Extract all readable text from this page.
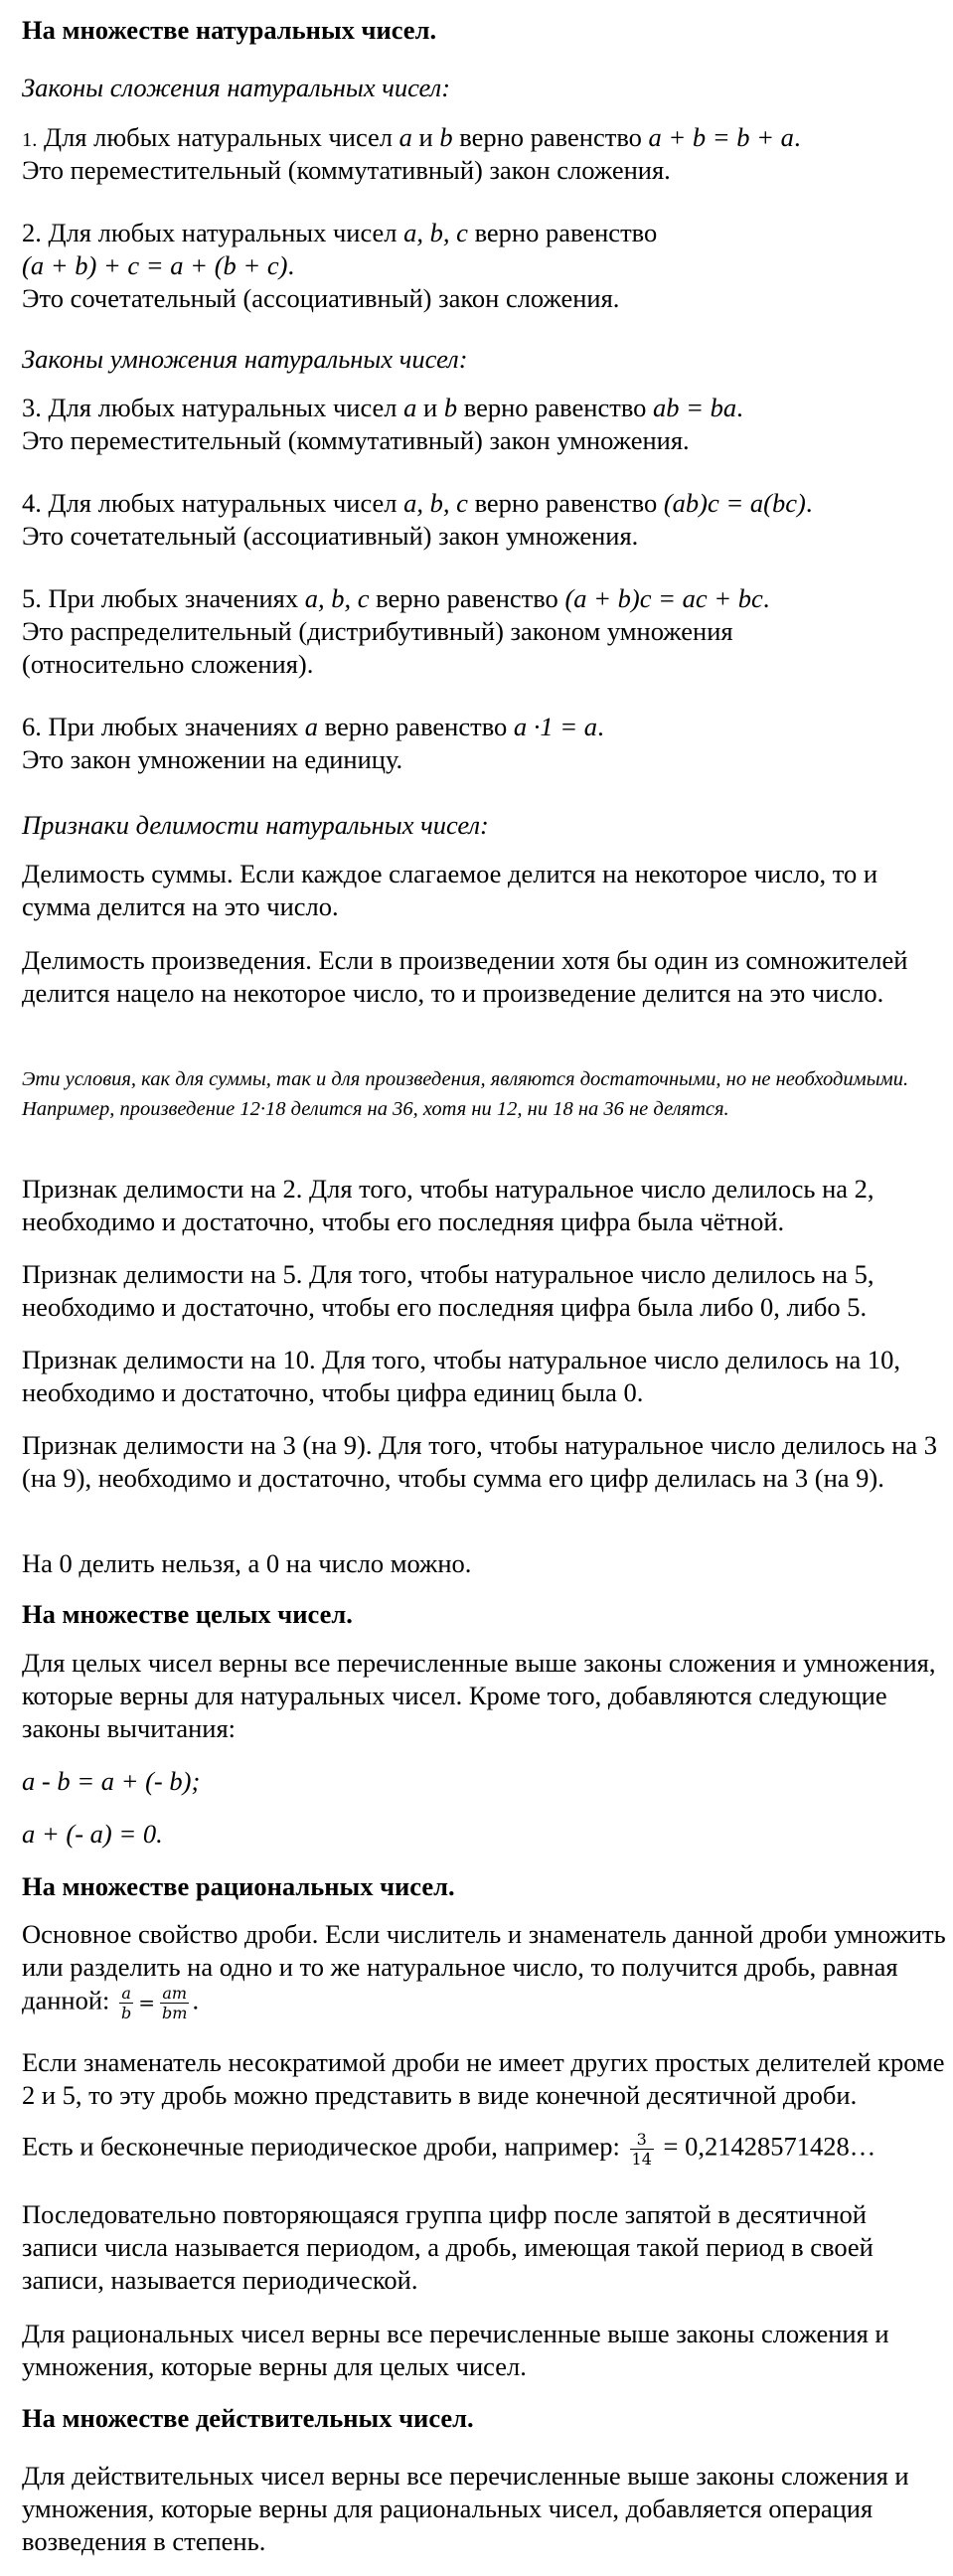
На множестве натуральных чисел.
Законы сложения натуральных чисел:
1. Для любых натуральных чисел a и b верно равенство a + b = b + a.
Это переместительный (коммутативный) закон сложения.
2. Для любых натуральных чисел a, b, c верно равенство
(a + b) + c = a + (b + c).
Это сочетательный (ассоциативный) закон сложения.
Законы умножения натуральных чисел:
3. Для любых натуральных чисел a и b верно равенство ab = ba.
Это переместительный (коммутативный) закон умножения.
4. Для любых натуральных чисел a, b, c верно равенство (ab)c = a(bc).
Это сочетательный (ассоциативный) закон умножения.
5. При любых значениях a, b, c верно равенство (a + b)c = ac + bc.
Это распределительный (дистрибутивный) законом умножения
(относительно сложения).
6. При любых значениях a верно равенство a ·1 = a.
Это закон умножении на единицу.
Признаки делимости натуральных чисел:
Делимость суммы. Если каждое слагаемое делится на некоторое число, то и сумма делится на это число.
Делимость произведения. Если в произведении хотя бы один из сомножителей делится нацело на некоторое число, то и произведение делится на это число.
Эти условия, как для суммы, так и для произведения, являются достаточными, но не необходимыми. Например, произведение 12·18 делится на 36, хотя ни 12, ни 18 на 36 не делятся.
Признак делимости на 2. Для того, чтобы натуральное число делилось на 2, необходимо и достаточно, чтобы его последняя цифра была чётной.
Признак делимости на 5. Для того, чтобы натуральное число делилось на 5, необходимо и достаточно, чтобы его последняя цифра была либо 0, либо 5.
Признак делимости на 10. Для того, чтобы натуральное число делилось на 10, необходимо и достаточно, чтобы цифра единиц была 0.
Признак делимости на 3 (на 9). Для того, чтобы натуральное число делилось на 3 (на 9), необходимо и достаточно, чтобы сумма его цифр делилась на 3 (на 9).
На 0 делить нельзя, а 0 на число можно.
На множестве целых чисел.
Для целых чисел верны все перечисленные выше законы сложения и умножения, которые верны для натуральных чисел. Кроме того, добавляются следующие законы вычитания:
a - b = a + (- b);
a + (- a) = 0.
На множестве рациональных чисел.
Основное свойство дроби. Если числитель и знаменатель данной дроби умножить или разделить на одно и то же натуральное число, то получится дробь, равная данной: $\frac{a}{b} = \frac{am}{bm}$ .
Если знаменатель несократимой дроби не имеет других простых делителей кроме 2 и 5, то эту дробь можно представить в виде конечной десятичной дроби.
Есть и бесконечные периодическое дроби, например: $\frac{3}{14}$ = 0,21428571428…
Последовательно повторяющаяся группа цифр после запятой в десятичной записи числа называется периодом, а дробь, имеющая такой период в своей записи, называется периодической.
Для рациональных чисел верны все перечисленные выше законы сложения и умножения, которые верны для целых чисел.
На множестве действительных чисел.
Для действительных чисел верны все перечисленные выше законы сложения и умножения, которые верны для рациональных чисел, добавляется операция возведения в степень.
